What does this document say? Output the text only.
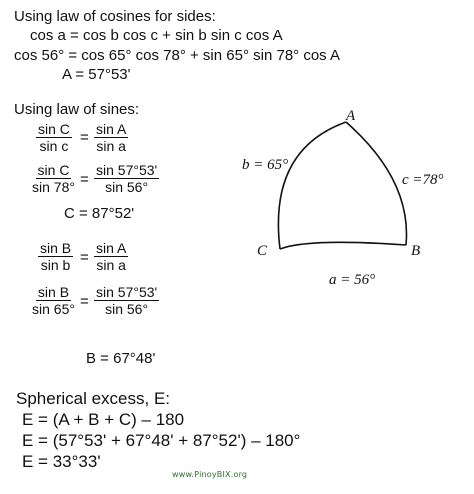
Using law of cosines for sides:
cos a = cos b cos c + sin b sin c cos A
cos 56° = cos 65° cos 78° + sin 65° sin 78° cos A
A = 57°53'
Using law of sines:
$\frac{\text{sin C}}{\text{sin c}} = \frac{\text{sin A}}{\text{sin a}}$
$\frac{\text{sin C}}{\sin 78^\circ} = \frac{\sin 57^\circ 53'}{\sin 56^\circ}$
C = 87°52'
$\frac{\text{sin B}}{\text{sin b}} = \frac{\text{sin A}}{\text{sin a}}$
$\frac{\text{sin B}}{\sin 65^\circ} = \frac{\sin 57^\circ 53'}{\sin 56^\circ}$
B = 67°48'
Spherical excess, E:
E = (A + B + C) – 180
E = (57°53' + 67°48' + 87°52') – 180°
E = 33°33'
A
B
C
b = 65°
c =78°
a = 56°
www.PinoyBIX.org
